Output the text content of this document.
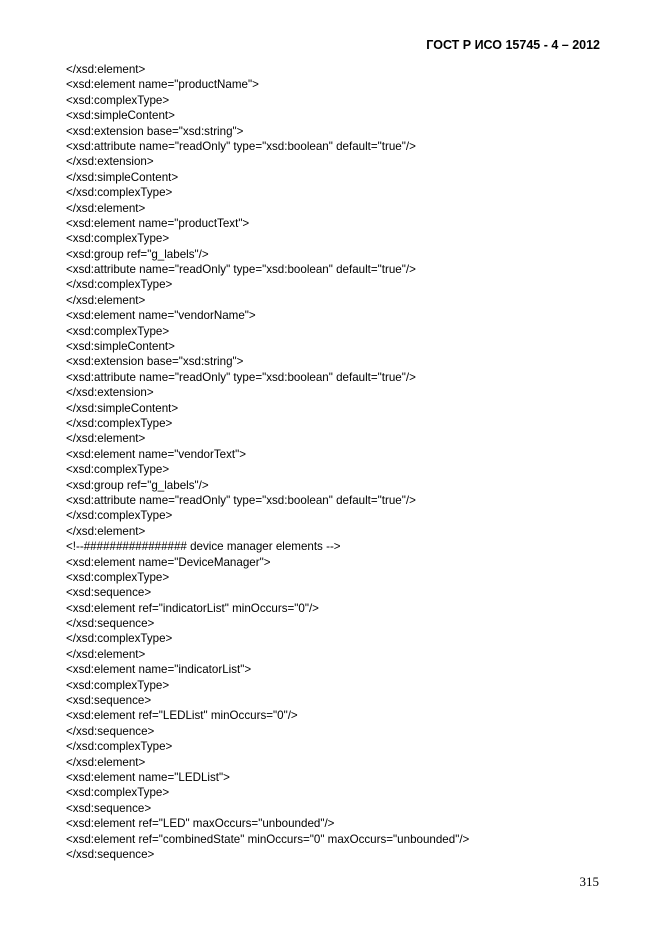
ГОСТ Р ИСО 15745 - 4 – 2012
</xsd:element>
<xsd:element name="productName">
<xsd:complexType>
<xsd:simpleContent>
<xsd:extension base="xsd:string">
<xsd:attribute name="readOnly" type="xsd:boolean" default="true"/>
</xsd:extension>
</xsd:simpleContent>
</xsd:complexType>
</xsd:element>
<xsd:element name="productText">
<xsd:complexType>
<xsd:group ref="g_labels"/>
<xsd:attribute name="readOnly" type="xsd:boolean" default="true"/>
</xsd:complexType>
</xsd:element>
<xsd:element name="vendorName">
<xsd:complexType>
<xsd:simpleContent>
<xsd:extension base="xsd:string">
<xsd:attribute name="readOnly" type="xsd:boolean" default="true"/>
</xsd:extension>
</xsd:simpleContent>
</xsd:complexType>
</xsd:element>
<xsd:element name="vendorText">
<xsd:complexType>
<xsd:group ref="g_labels"/>
<xsd:attribute name="readOnly" type="xsd:boolean" default="true"/>
</xsd:complexType>
</xsd:element>
<!--################ device manager elements -->
<xsd:element name="DeviceManager">
<xsd:complexType>
<xsd:sequence>
<xsd:element ref="indicatorList" minOccurs="0"/>
</xsd:sequence>
</xsd:complexType>
</xsd:element>
<xsd:element name="indicatorList">
<xsd:complexType>
<xsd:sequence>
<xsd:element ref="LEDList" minOccurs="0"/>
</xsd:sequence>
</xsd:complexType>
</xsd:element>
<xsd:element name="LEDList">
<xsd:complexType>
<xsd:sequence>
<xsd:element ref="LED" maxOccurs="unbounded"/>
<xsd:element ref="combinedState" minOccurs="0" maxOccurs="unbounded"/>
</xsd:sequence>
315
